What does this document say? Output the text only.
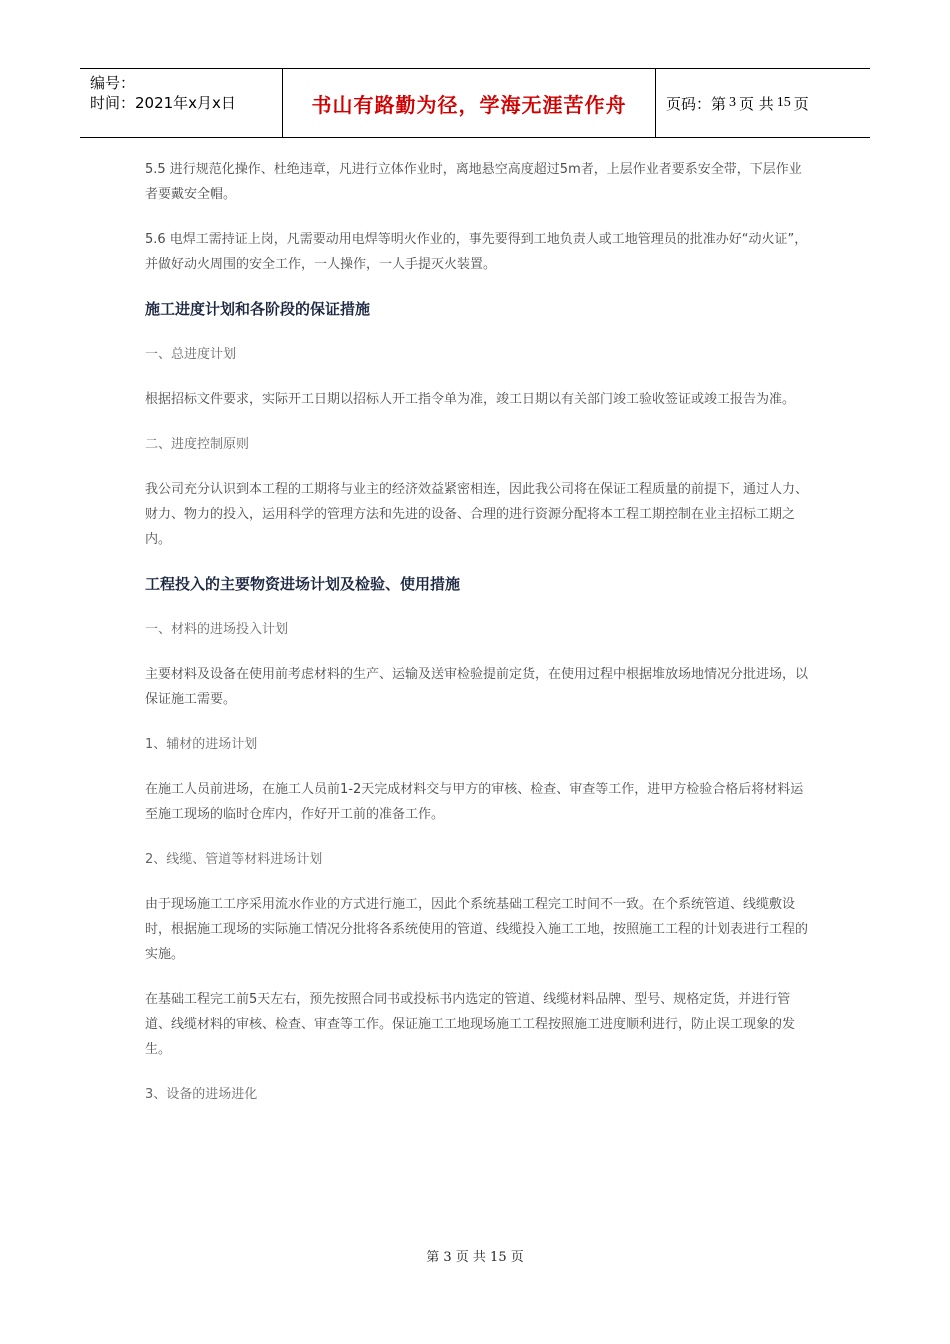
编号：
时间：2021年x月x日	书山有路勤为径，学海无涯苦作舟	页码：第 3 页 共 15 页

5.5 进行规范化操作、杜绝违章，凡进行立体作业时，离地悬空高度超过5m者，上层作业者要系安全带，下层作业者要戴安全帽。

5.6 电焊工需持证上岗，凡需要动用电焊等明火作业的，事先要得到工地负责人或工地管理员的批准办好“动火证”，并做好动火周围的安全工作，一人操作，一人手提灭火装置。

施工进度计划和各阶段的保证措施

一、总进度计划

根据招标文件要求，实际开工日期以招标人开工指令单为准，竣工日期以有关部门竣工验收签证或竣工报告为准。

二、进度控制原则

我公司充分认识到本工程的工期将与业主的经济效益紧密相连，因此我公司将在保证工程质量的前提下，通过人力、财力、物力的投入，运用科学的管理方法和先进的设备、合理的进行资源分配将本工程工期控制在业主招标工期之内。

工程投入的主要物资进场计划及检验、使用措施

一、材料的进场投入计划

主要材料及设备在使用前考虑材料的生产、运输及送审检验提前定货，在使用过程中根据堆放场地情况分批进场，以保证施工需要。

1、辅材的进场计划

在施工人员前进场，在施工人员前1-2天完成材料交与甲方的审核、检查、审查等工作，进甲方检验合格后将材料运至施工现场的临时仓库内，作好开工前的准备工作。

2、线缆、管道等材料进场计划

由于现场施工工序采用流水作业的方式进行施工，因此个系统基础工程完工时间不一致。在个系统管道、线缆敷设时，根据施工现场的实际施工情况分批将各系统使用的管道、线缆投入施工工地，按照施工工程的计划表进行工程的实施。

在基础工程完工前5天左右，预先按照合同书或投标书内选定的管道、线缆材料品牌、型号、规格定货，并进行管道、线缆材料的审核、检查、审查等工作。保证施工工地现场施工工程按照施工进度顺利进行，防止误工现象的发生。

3、设备的进场进化

第 3 页 共 15 页
